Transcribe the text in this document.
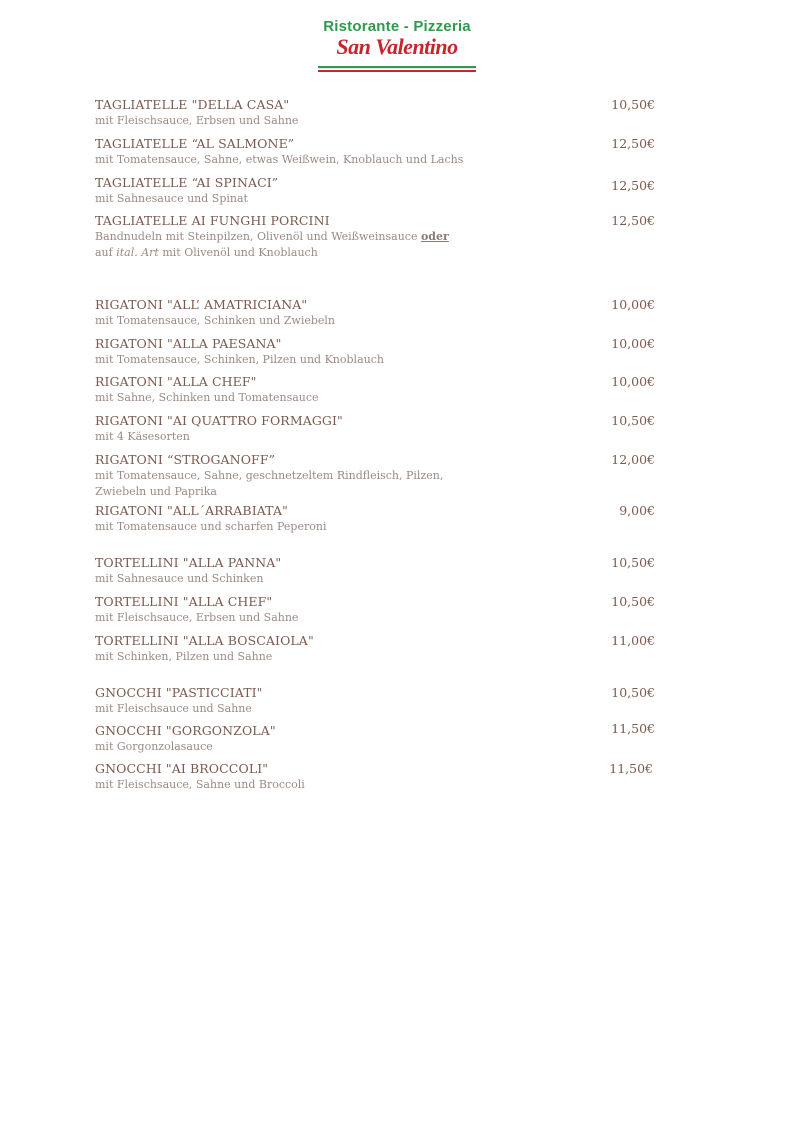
Ristorante - Pizzeria
San Valentino
TAGLIATELLE "DELLA CASA"	10,50€
mit Fleischsauce, Erbsen und Sahne
TAGLIATELLE “AL SALMONE”	12,50€
mit Tomatensauce, Sahne, etwas Weißwein, Knoblauch und Lachs
TAGLIATELLE “AI SPINACI”	12,50€
mit Sahnesauce und Spinat
TAGLIATELLE AI FUNGHI PORCINI	12,50€
Bandnudeln mit Steinpilzen, Olivenöl und Weißweinsauce oder
auf ital. Art mit Olivenöl und Knoblauch
RIGATONI "ALL’ AMATRICIANA"	10,00€
mit Tomatensauce, Schinken und Zwiebeln
RIGATONI "ALLA PAESANA"	10,00€
mit Tomatensauce, Schinken, Pilzen und Knoblauch
RIGATONI "ALLA CHEF"	10,00€
mit Sahne, Schinken und Tomatensauce
RIGATONI "AI QUATTRO FORMAGGI"	10,50€
mit 4 Käsesorten
RIGATONI “STROGANOFF”	12,00€
mit Tomatensauce, Sahne, geschnetzeltem Rindfleisch, Pilzen,
Zwiebeln und Paprika
RIGATONI "ALL´ARRABIATA"	9,00€
mit Tomatensauce und scharfen Peperoni
TORTELLINI "ALLA PANNA"	10,50€
mit Sahnesauce und Schinken
TORTELLINI "ALLA CHEF"	10,50€
mit Fleischsauce, Erbsen und Sahne
TORTELLINI "ALLA BOSCAIOLA"	11,00€
mit Schinken, Pilzen und Sahne
GNOCCHI "PASTICCIATI"	10,50€
mit Fleischsauce und Sahne
GNOCCHI "GORGONZOLA"	11,50€
mit Gorgonzolasauce
GNOCCHI "AI BROCCOLI"	11,50€
mit Fleischsauce, Sahne und Broccoli
